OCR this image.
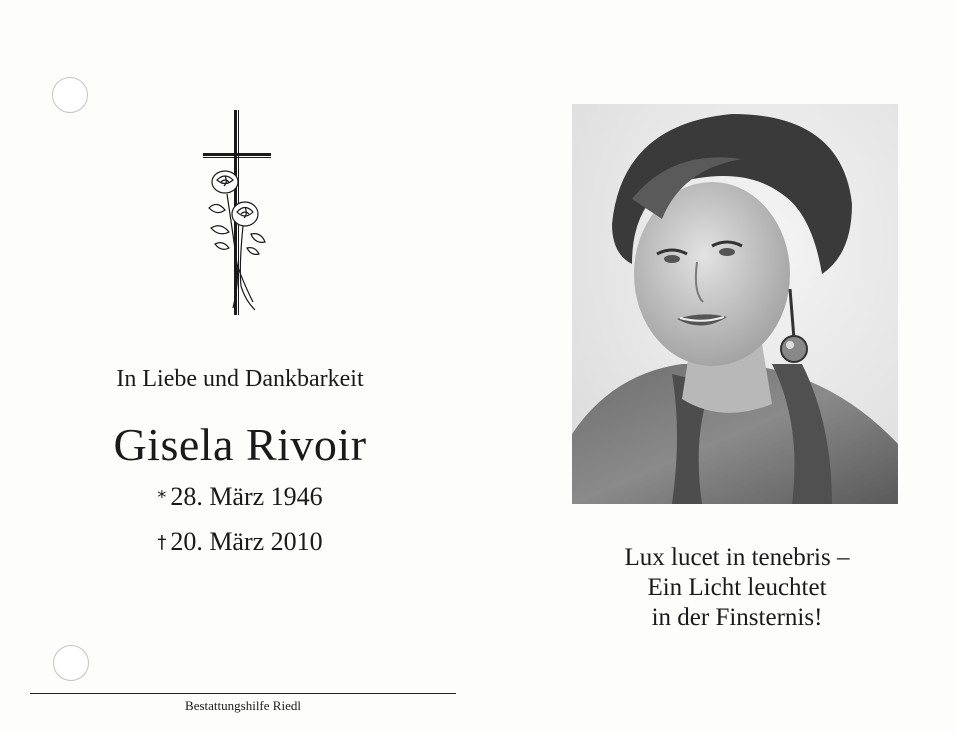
In Liebe und Dankbarkeit
Gisela Rivoir
* 28. März 1946
† 20. März 2010
Lux lucet in tenebris –
Ein Licht leuchtet
in der Finsternis!
Bestattungshilfe Riedl
